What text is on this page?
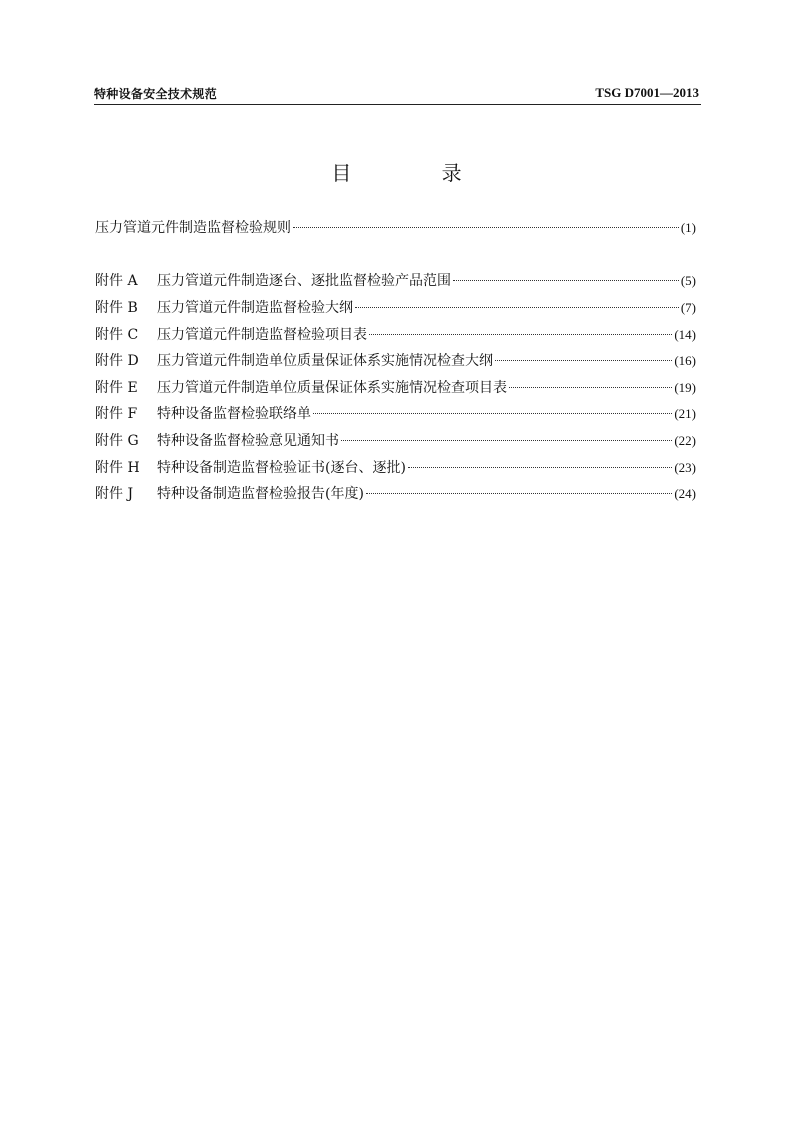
特种设备安全技术规范	TSG D7001—2013
目 录
压力管道元件制造监督检验规则	(1)
附件 A	压力管道元件制造逐台、逐批监督检验产品范围	(5)
附件 B	压力管道元件制造监督检验大纲	(7)
附件 C	压力管道元件制造监督检验项目表	(14)
附件 D	压力管道元件制造单位质量保证体系实施情况检查大纲	(16)
附件 E	压力管道元件制造单位质量保证体系实施情况检查项目表	(19)
附件 F	特种设备监督检验联络单	(21)
附件 G	特种设备监督检验意见通知书	(22)
附件 H	特种设备制造监督检验证书(逐台、逐批)	(23)
附件 J	特种设备制造监督检验报告(年度)	(24)
